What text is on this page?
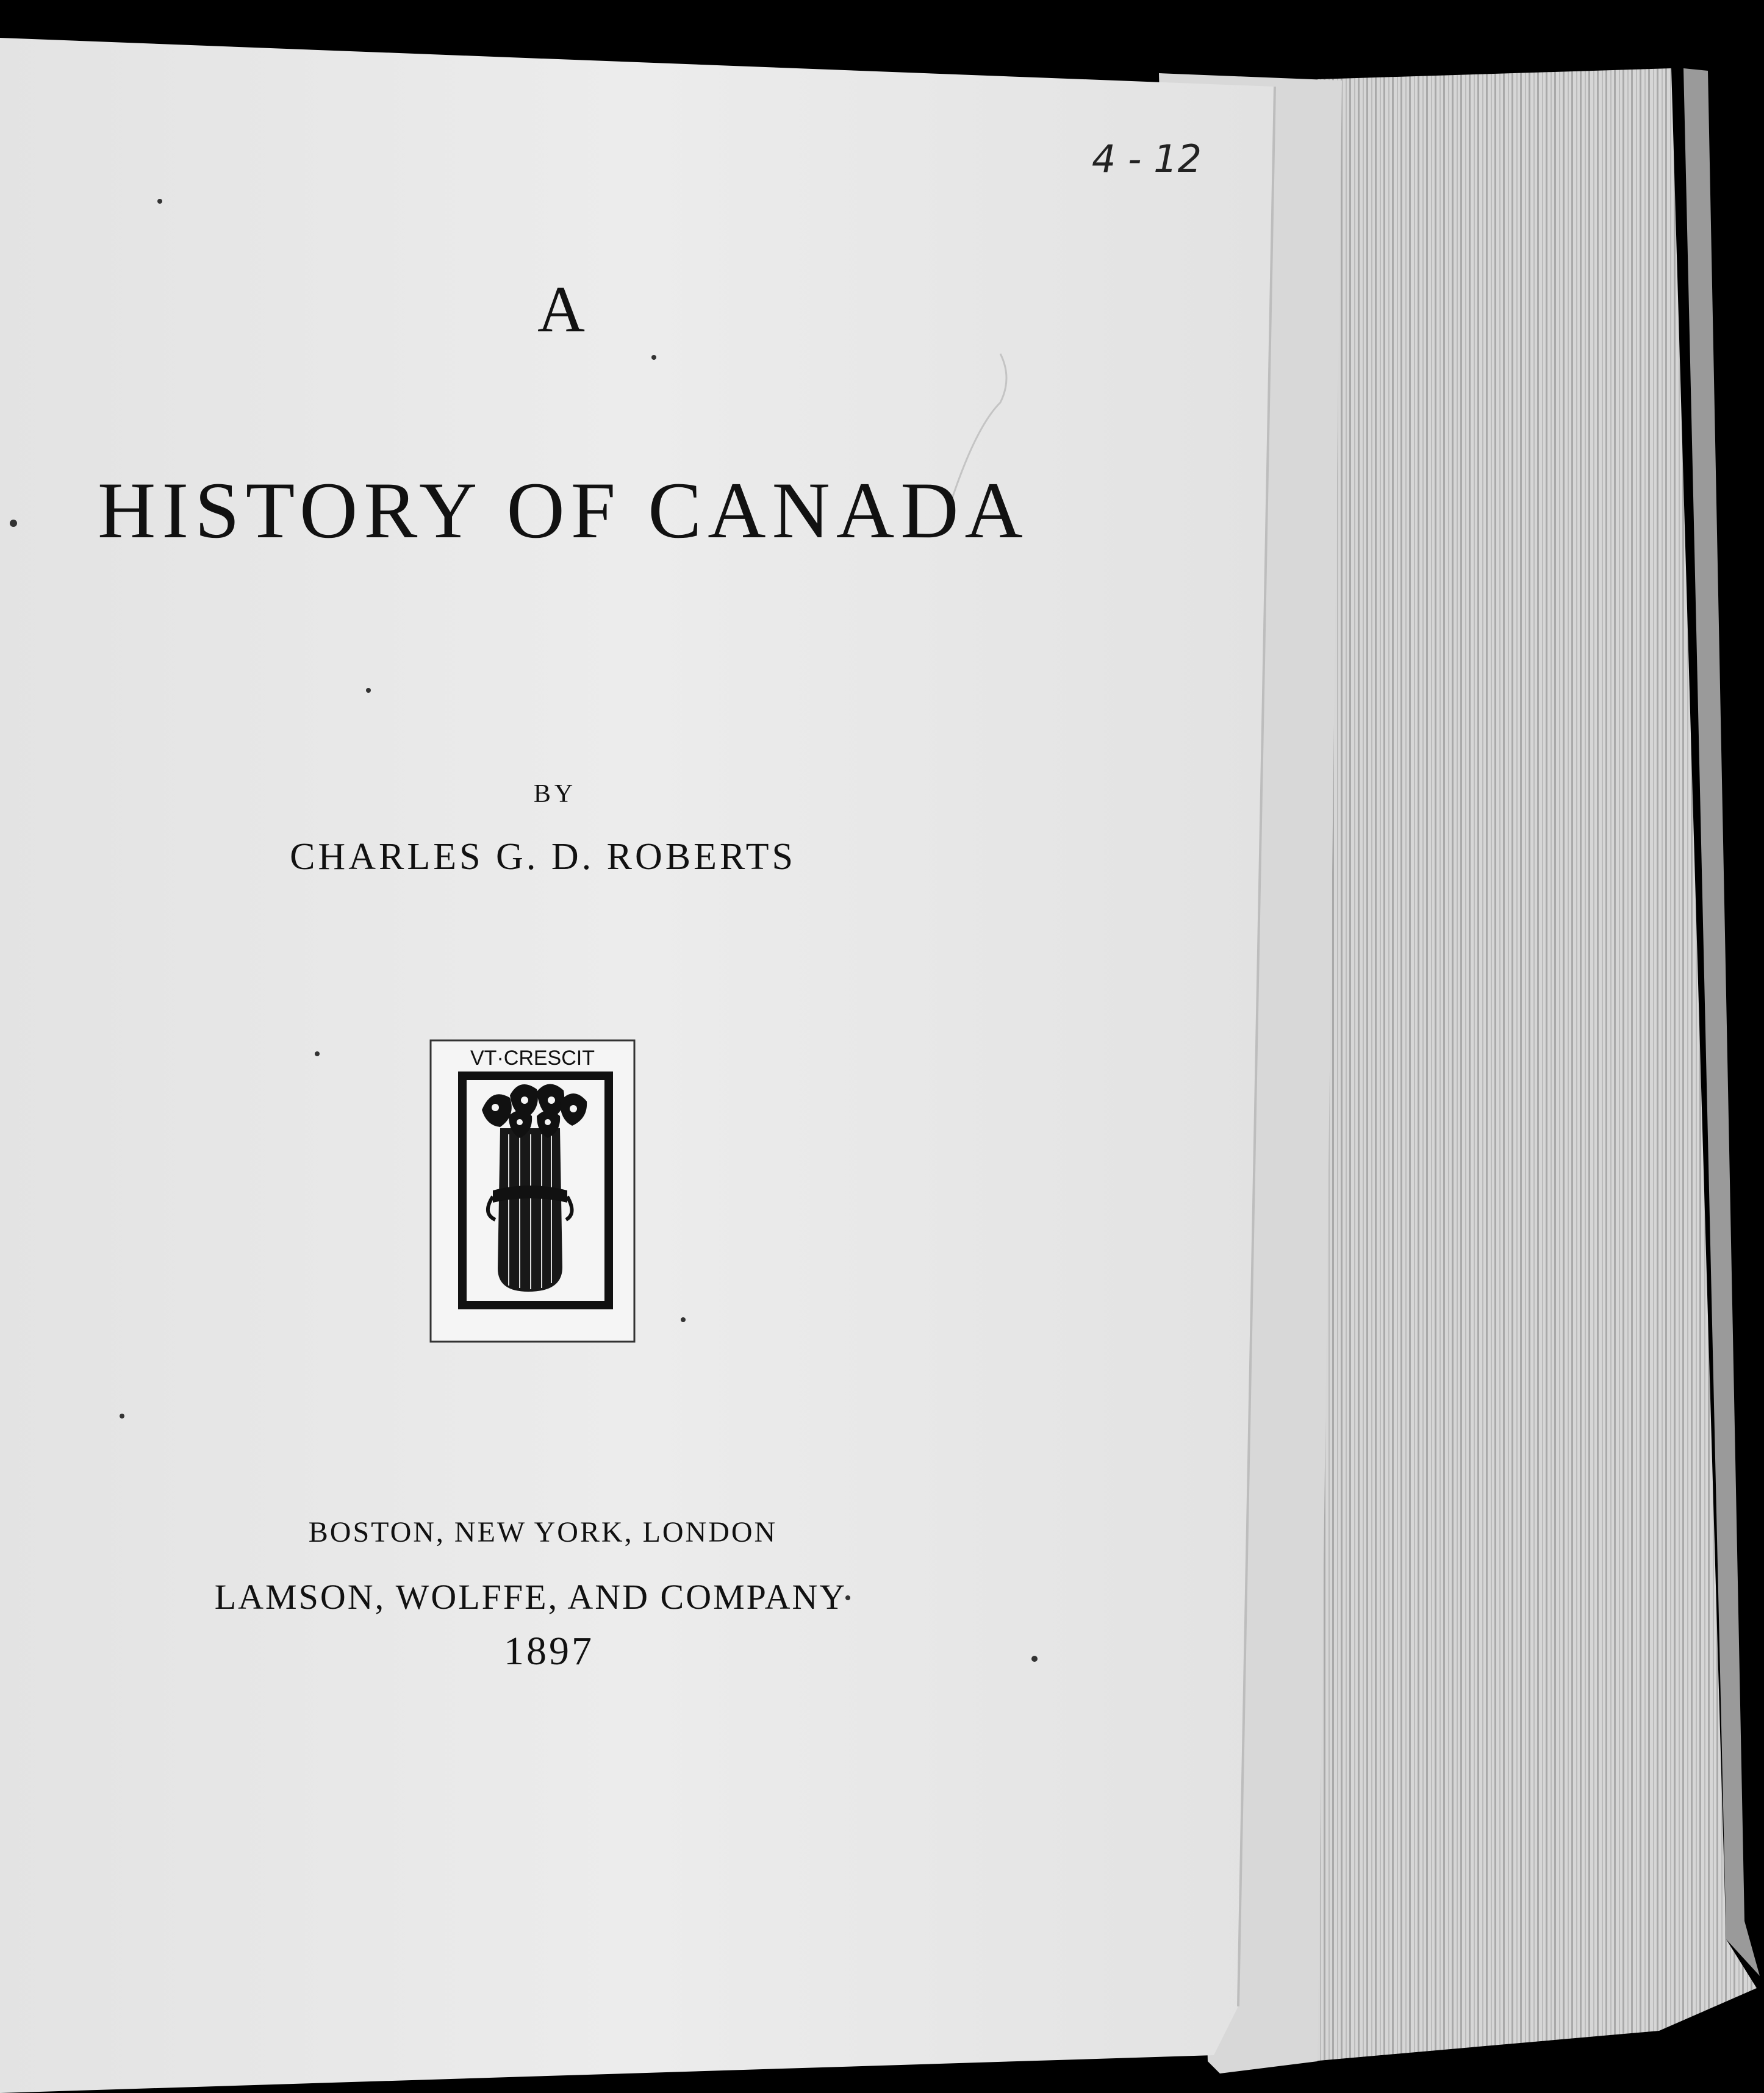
VT·CRESCIT
4 - 12
A
HISTORY OF CANADA
BY
CHARLES G. D. ROBERTS
BOSTON, NEW YORK, LONDON
LAMSON, WOLFFE, AND COMPANY
1897
